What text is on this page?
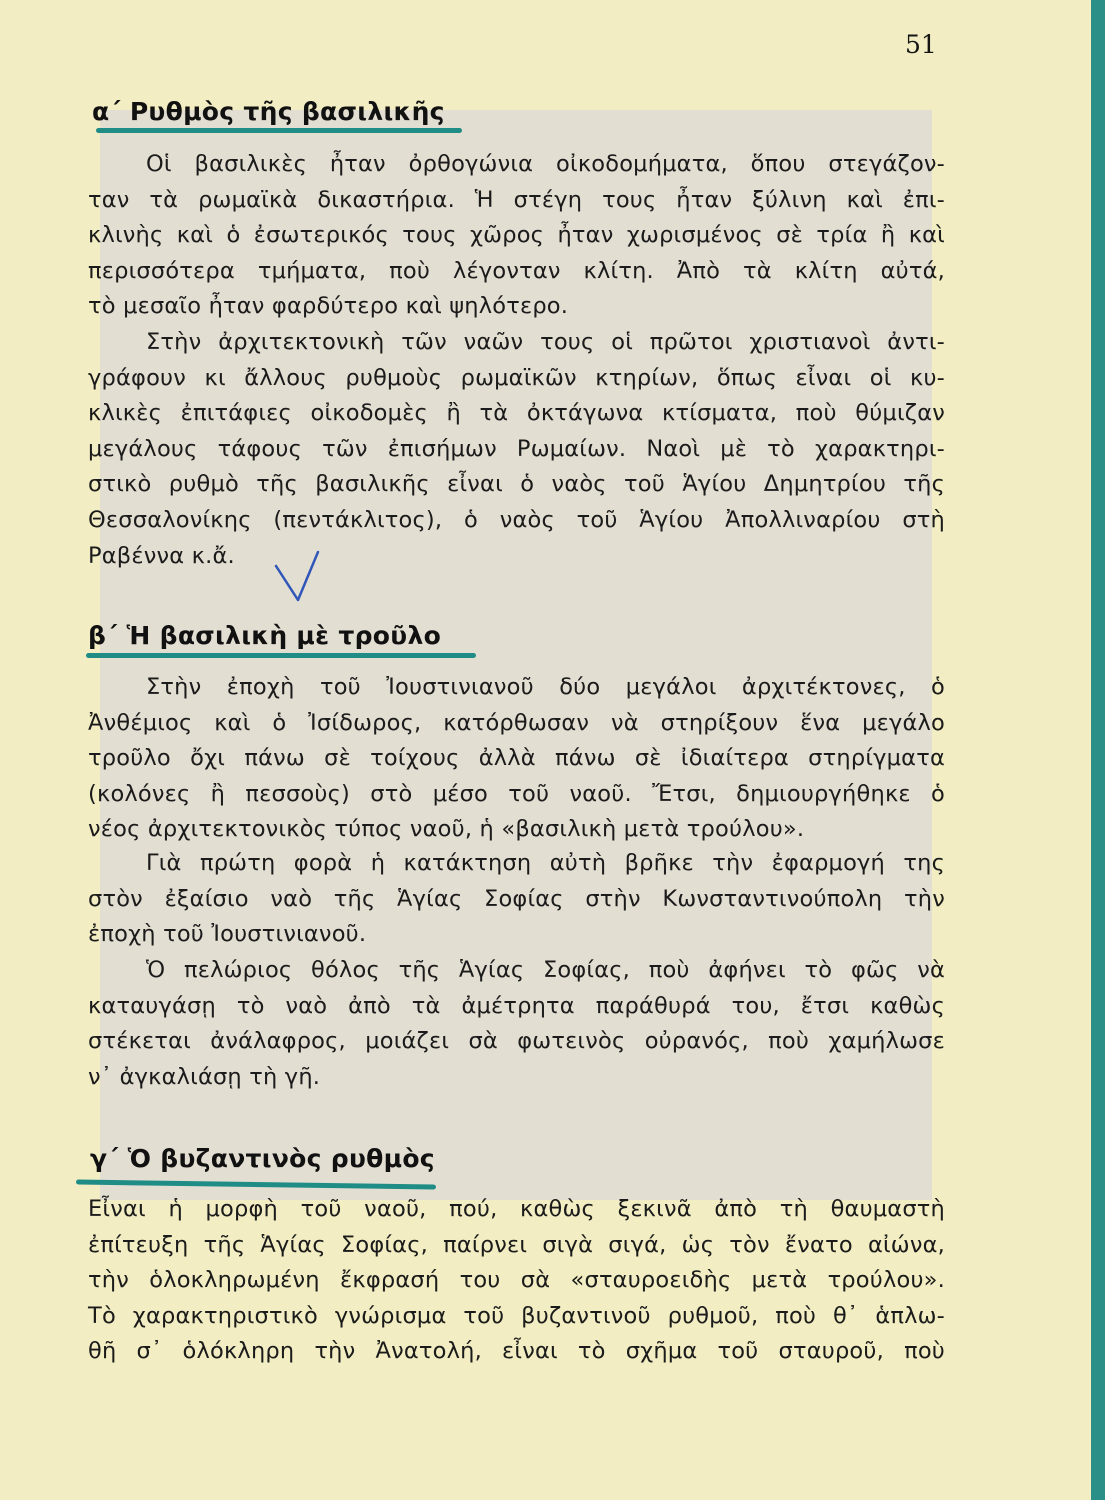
51
α΄ Ρυθμὸς τῆς βασιλικῆς
Οἱ βασιλικὲς ἦταν ὀρθογώνια οἰκοδομήματα, ὅπου στεγάζον-
ταν τὰ ρωμαϊκὰ δικαστήρια. Ἡ στέγη τους ἦταν ξύλινη καὶ ἐπι-
κλινὴς καὶ ὁ ἐσωτερικός τους χῶρος ἦταν χωρισμένος σὲ τρία ἢ καὶ
περισσότερα τμήματα, ποὺ λέγονταν κλίτη. Ἀπὸ τὰ κλίτη αὐτά,
τὸ μεσαῖο ἦταν φαρδύτερο καὶ ψηλότερο.
Στὴν ἀρχιτεκτονικὴ τῶν ναῶν τους οἱ πρῶτοι χριστιανοὶ ἀντι-
γράφουν κι ἄλλους ρυθμοὺς ρωμαϊκῶν κτηρίων, ὅπως εἶναι οἱ κυ-
κλικὲς ἐπιτάφιες οἰκοδομὲς ἢ τὰ ὀκτάγωνα κτίσματα, ποὺ θύμιζαν
μεγάλους τάφους τῶν ἐπισήμων Ρωμαίων. Ναοὶ μὲ τὸ χαρακτηρι-
στικὸ ρυθμὸ τῆς βασιλικῆς εἶναι ὁ ναὸς τοῦ Ἁγίου Δημητρίου τῆς
Θεσσαλονίκης (πεντάκλιτος), ὁ ναὸς τοῦ Ἁγίου Ἀπολλιναρίου στὴ
Ραβέννα κ.ἄ.
β΄ Ἡ βασιλικὴ μὲ τροῦλο
Στὴν ἐποχὴ τοῦ Ἰουστινιανοῦ δύο μεγάλοι ἀρχιτέκτονες, ὁ
Ἀνθέμιος καὶ ὁ Ἰσίδωρος, κατόρθωσαν νὰ στηρίξουν ἕνα μεγάλο
τροῦλο ὄχι πάνω σὲ τοίχους ἀλλὰ πάνω σὲ ἰδιαίτερα στηρίγματα
(κολόνες ἢ πεσσοὺς) στὸ μέσο τοῦ ναοῦ. Ἔτσι, δημιουργήθηκε ὁ
νέος ἀρχιτεκτονικὸς τύπος ναοῦ, ἡ «βασιλικὴ μετὰ τρούλου».
Γιὰ πρώτη φορὰ ἡ κατάκτηση αὐτὴ βρῆκε τὴν ἐφαρμογή της
στὸν ἐξαίσιο ναὸ τῆς Ἁγίας Σοφίας στὴν Κωνσταντινούπολη τὴν
ἐποχὴ τοῦ Ἰουστινιανοῦ.
Ὁ πελώριος θόλος τῆς Ἁγίας Σοφίας, ποὺ ἀφήνει τὸ φῶς νὰ
καταυγάσῃ τὸ ναὸ ἀπὸ τὰ ἀμέτρητα παράθυρά του, ἔτσι καθὼς
στέκεται ἀνάλαφρος, μοιάζει σὰ φωτεινὸς οὐρανός, ποὺ χαμήλωσε
ν᾿ ἀγκαλιάσῃ τὴ γῆ.
γ΄ Ὁ βυζαντινὸς ρυθμὸς
Εἶναι ἡ μορφὴ τοῦ ναοῦ, πού, καθὼς ξεκινᾶ ἀπὸ τὴ θαυμαστὴ
ἐπίτευξη τῆς Ἁγίας Σοφίας, παίρνει σιγὰ σιγά, ὡς τὸν ἔνατο αἰώνα,
τὴν ὁλοκληρωμένη ἔκφρασή του σὰ «σταυροειδὴς μετὰ τρούλου».
Τὸ χαρακτηριστικὸ γνώρισμα τοῦ βυζαντινοῦ ρυθμοῦ, ποὺ θ᾿ ἁπλω-
θῆ σ᾿ ὁλόκληρη τὴν Ἀνατολή, εἶναι τὸ σχῆμα τοῦ σταυροῦ, ποὺ
